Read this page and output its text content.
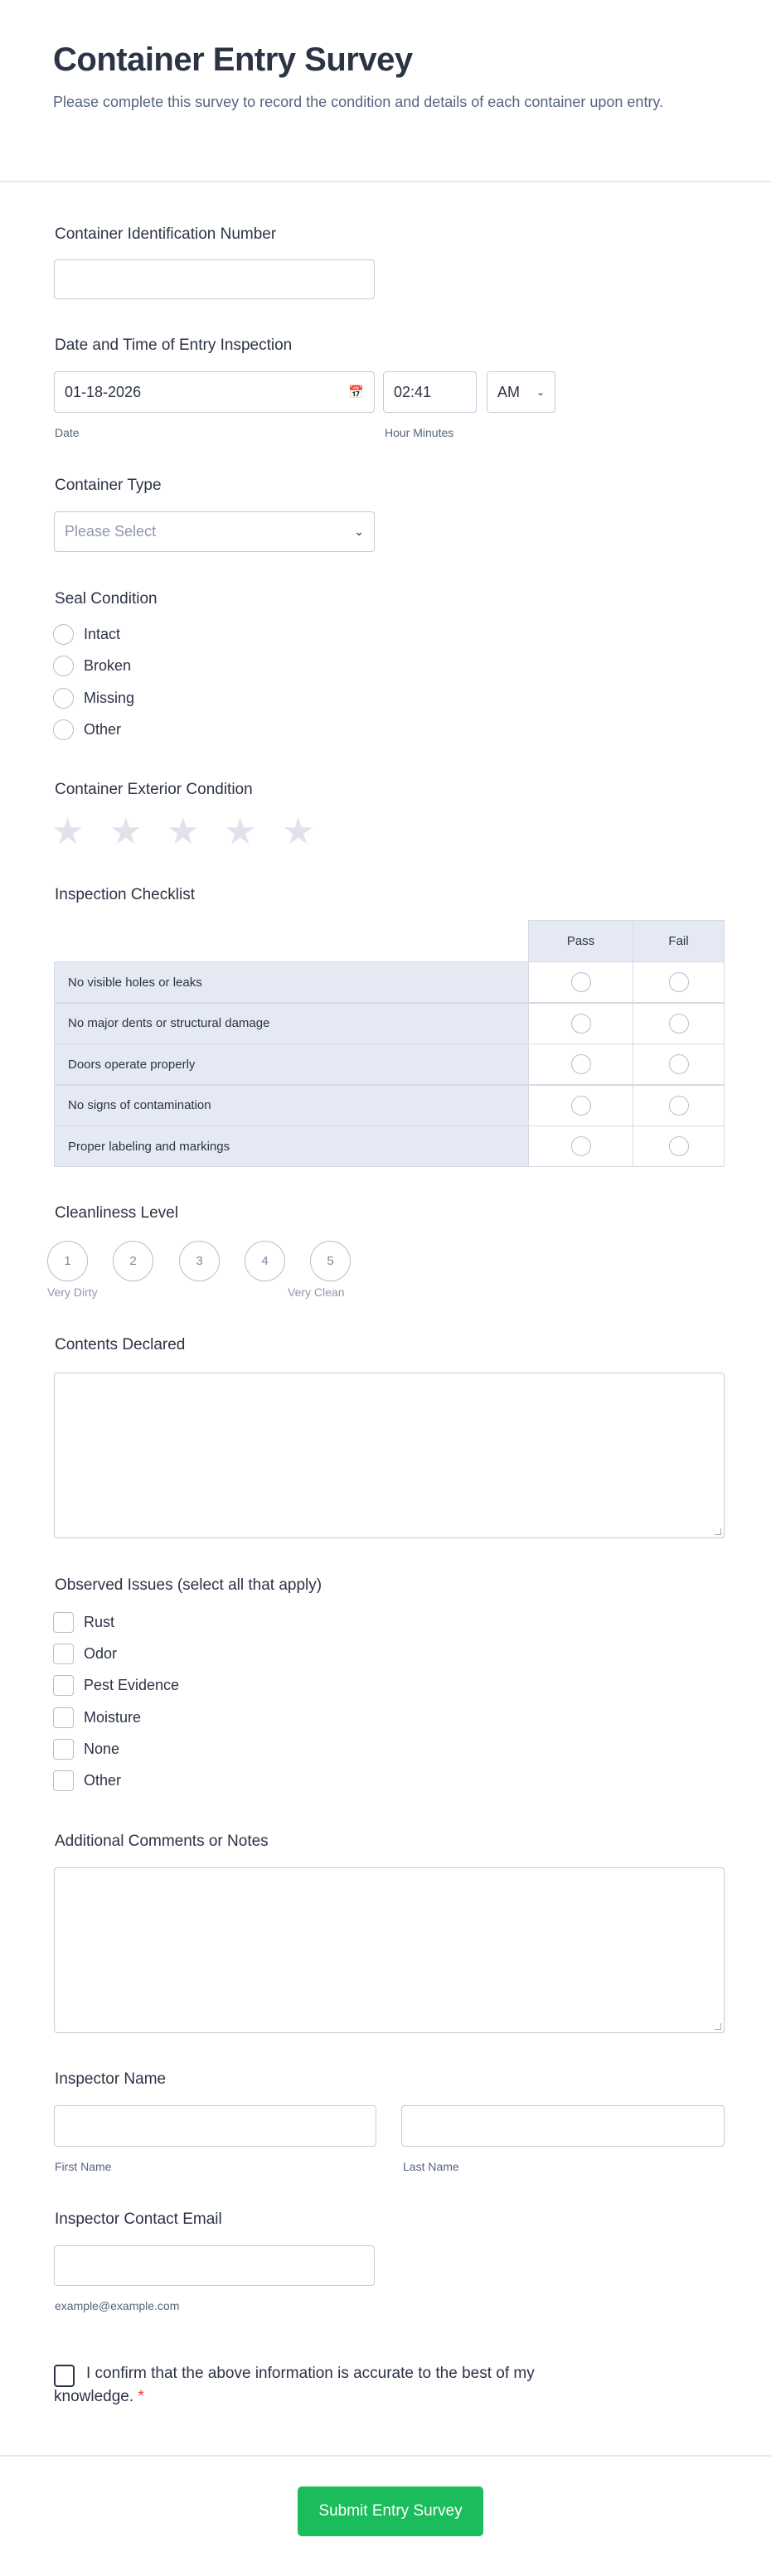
Container Entry Survey
Please complete this survey to record the condition and details of each container upon entry.
Container Identification Number
Date and Time of Entry Inspection
01-18-2026	📅	02:41	AM ⌄
Date	Hour Minutes
Container Type
Please Select	⌄
Seal Condition
Intact
Broken
Missing
Other
Container Exterior Condition
★ ★ ★ ★ ★
Inspection Checklist
Pass	Fail
No visible holes or leaks
No major dents or structural damage
Doors operate properly
No signs of contamination
Proper labeling and markings
Cleanliness Level
1	2	3	4	5
Very Dirty	Very Clean
Contents Declared
Observed Issues (select all that apply)
Rust
Odor
Pest Evidence
Moisture
None
Other
Additional Comments or Notes
Inspector Name
First Name	Last Name
Inspector Contact Email
example@example.com
I confirm that the above information is accurate to the best of my knowledge. *
Submit Entry Survey
